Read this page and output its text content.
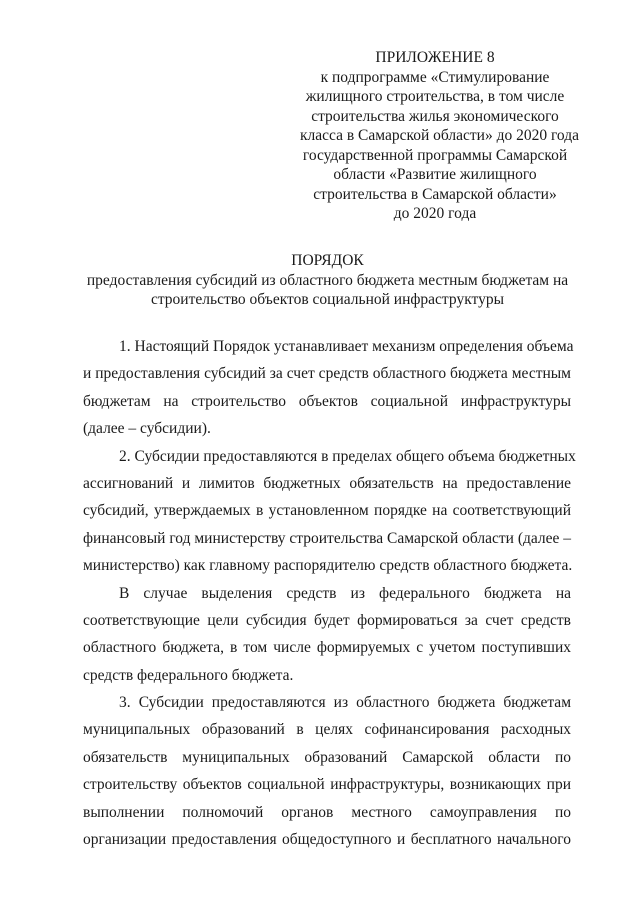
ПРИЛОЖЕНИЕ 8
к подпрограмме «Стимулирование
жилищного строительства, в том числе
строительства жилья экономического
класса в Самарской области» до 2020 года
государственной программы Самарской
области «Развитие жилищного
строительства в Самарской области»
до 2020 года
ПОРЯДОК
предоставления субсидий из областного бюджета местным бюджетам на
строительство объектов социальной инфраструктуры

1. Настоящий Порядок устанавливает механизм определения объема
и предоставления субсидий за счет средств областного бюджета местным
бюджетам на строительство объектов социальной инфраструктуры
(далее – субсидии).

2. Субсидии предоставляются в пределах общего объема бюджетных
ассигнований и лимитов бюджетных обязательств на предоставление
субсидий, утверждаемых в установленном порядке на соответствующий
финансовый год министерству строительства Самарской области (далее –
министерство) как главному распорядителю средств областного бюджета.

В случае выделения средств из федерального бюджета на
соответствующие цели субсидия будет формироваться за счет средств
областного бюджета, в том числе формируемых с учетом поступивших
средств федерального бюджета.

3. Субсидии предоставляются из областного бюджета бюджетам
муниципальных образований в целях софинансирования расходных
обязательств муниципальных образований Самарской области по
строительству объектов социальной инфраструктуры, возникающих при
выполнении полномочий органов местного самоуправления по
организации предоставления общедоступного и бесплатного начального
